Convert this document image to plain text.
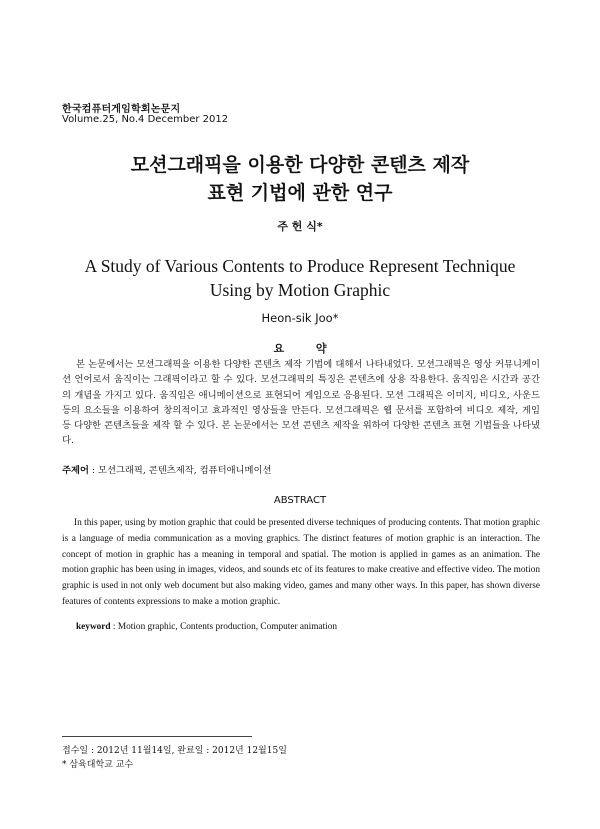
한국컴퓨터게임학회논문지
Volume.25, No.4 December 2012
모션그래픽을 이용한 다양한 콘텐츠 제작
표현 기법에 관한 연구
주 헌 식*
A Study of Various Contents to Produce Represent Technique
Using by Motion Graphic
Heon-sik Joo*
요 약
본 논문에서는 모션그래픽을 이용한 다양한 콘텐츠 제작 기법에 대해서 나타내었다. 모션그래픽은 영상 커뮤니케이션 언어로서 움직이는 그래픽이라고 할 수 있다. 모션그래픽의 특징은 콘텐츠에 상용 작용한다. 움직임은 시간과 공간의 개념을 가지고 있다. 움직임은 애니메이션으로 표현되어 게임으로 응용된다. 모션 그래픽은 이미지, 비디오, 사운드 등의 요소들을 이용하여 창의적이고 효과적인 영상들을 만든다. 모션그래픽은 웹 문서를 포함하여 비디오 제작, 게임 등 다양한 콘텐츠들을 제작 할 수 있다. 본 논문에서는 모션 콘텐츠 제작을 위하여 다양한 콘텐츠 표현 기법들을 나타냈다.
주제어 : 모션그래픽, 콘텐츠제작, 컴퓨터애니메이션
ABSTRACT
In this paper, using by motion graphic that could be presented diverse techniques of producing contents. That motion graphic is a language of media communication as a moving graphics. The distinct features of motion graphic is an interaction. The concept of motion in graphic has a meaning in temporal and spatial. The motion is applied in games as an animation. The motion graphic has been using in images, videos, and sounds etc of its features to make creative and effective video. The motion graphic is used in not only web document but also making video, games and many other ways. In this paper, has shown diverse features of contents expressions to make a motion graphic.
keyword : Motion graphic, Contents production, Computer animation
접수일 : 2012년 11월14일, 완료일 : 2012년 12월15일
* 삼육대학교 교수
